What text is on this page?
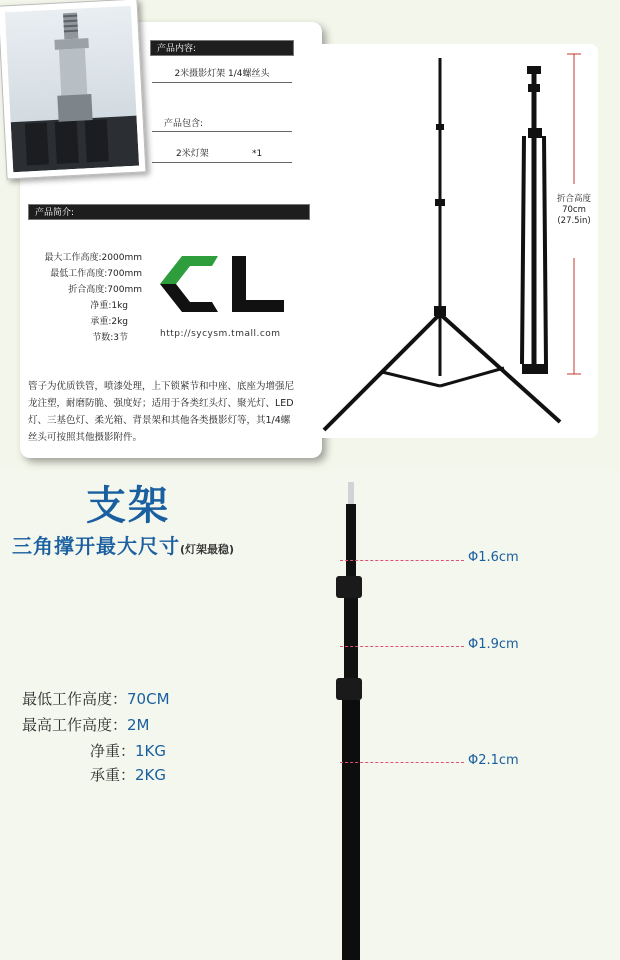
产品内容:
2米摄影灯架 1/4螺丝头
产品包含:
2米灯架	*1
产品简介:
最大工作高度:2000mm
最低工作高度:700mm
折合高度:700mm
净重:1kg
承重:2kg
节数:3节	http://sycysm.tmall.com
管子为优质铁管，喷漆处理，上下锁紧节和中座、底座为增强尼
龙注塑，耐磨防脆、强度好；适用于各类红头灯、聚光灯、LED
灯、三基色灯、柔光箱、背景架和其他各类摄影灯等，其1/4螺
丝头可按照其他摄影附件。
折合高度
70cm
(27.5in)
支架
三角撑开最大尺寸(灯架最稳)
最低工作高度：70CM
最高工作高度：2M
净重：1KG
承重：2KG
Φ1.6cm
Φ1.9cm
Φ2.1cm
